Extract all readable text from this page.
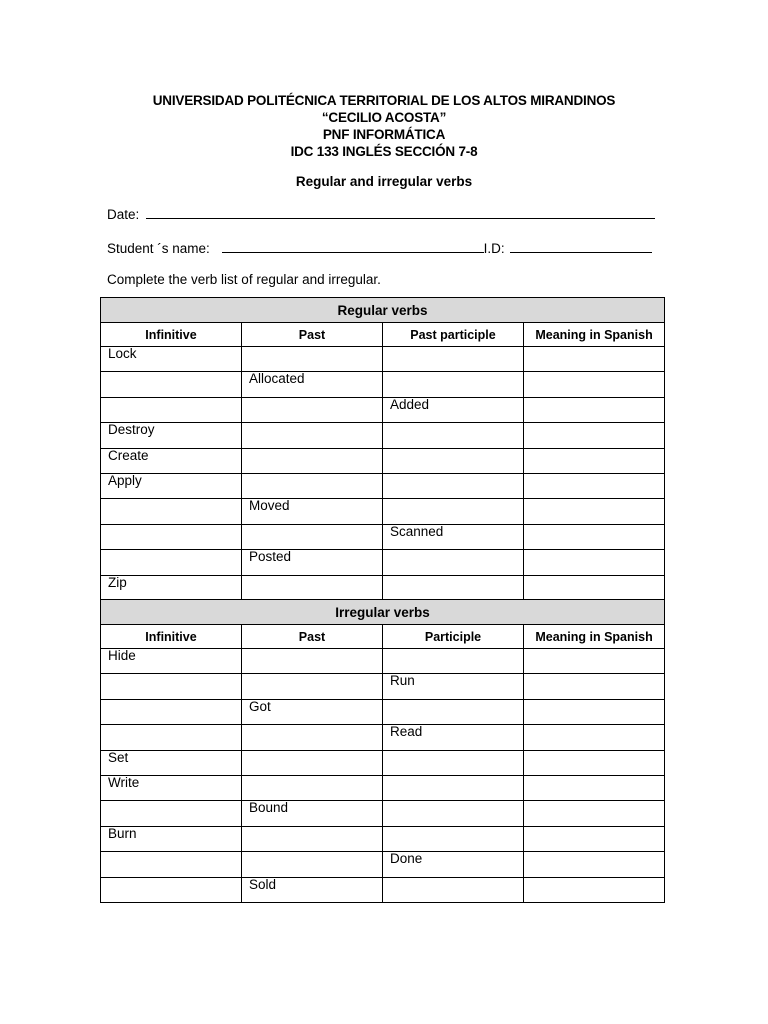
UNIVERSIDAD POLITÉCNICA TERRITORIAL DE LOS ALTOS MIRANDINOS
“CECILIO ACOSTA”
PNF INFORMÁTICA
IDC 133 INGLÉS SECCIÓN 7-8
Regular and irregular verbs
Date:
Student ´s name:	I.D:
Complete the verb list of regular and irregular.
Regular verbs			
Infinitive	Past	Past participle	Meaning in Spanish
Lock			
	Allocated		
		Added	
Destroy			
Create			
Apply			
	Moved		
		Scanned	
	Posted		
Zip			
Irregular verbs			
Infinitive	Past	Participle	Meaning in Spanish
Hide			
		Run	
	Got		
		Read	
Set			
Write			
	Bound		
Burn			
		Done	
	Sold		
